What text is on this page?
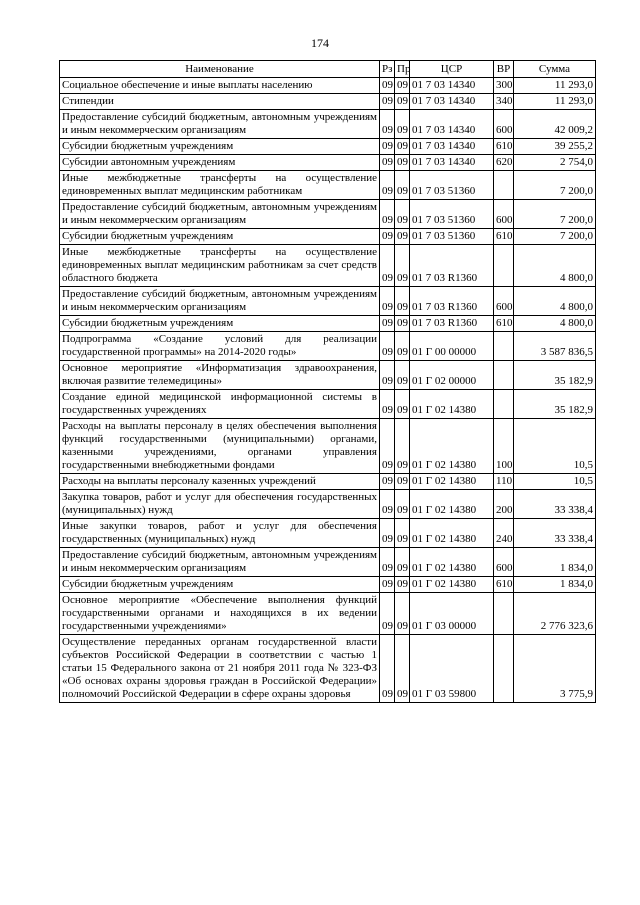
174
Наименование	Рз	Пр	ЦСР	ВР	Сумма
Социальное обеспечение и иные выплаты населению	09	09	01 7 03 14340	300	11 293,0
Стипендии	09	09	01 7 03 14340	340	11 293,0
Предоставление субсидий бюджетным, автономным учреждениям и иным некоммерческим организациям	09	09	01 7 03 14340	600	42 009,2
Субсидии бюджетным учреждениям	09	09	01 7 03 14340	610	39 255,2
Субсидии автономным учреждениям	09	09	01 7 03 14340	620	2 754,0
Иные межбюджетные трансферты на осуществление единовременных выплат медицинским работникам	09	09	01 7 03 51360		7 200,0
Предоставление субсидий бюджетным, автономным учреждениям и иным некоммерческим организациям	09	09	01 7 03 51360	600	7 200,0
Субсидии бюджетным учреждениям	09	09	01 7 03 51360	610	7 200,0
Иные межбюджетные трансферты на осуществление единовременных выплат медицинским работникам за счет средств областного бюджета	09	09	01 7 03 R1360		4 800,0
Предоставление субсидий бюджетным, автономным учреждениям и иным некоммерческим организациям	09	09	01 7 03 R1360	600	4 800,0
Субсидии бюджетным учреждениям	09	09	01 7 03 R1360	610	4 800,0
Подпрограмма «Создание условий для реализации государственной программы» на 2014-2020 годы»	09	09	01 Г 00 00000		3 587 836,5
Основное мероприятие «Информатизация здравоохранения, включая развитие телемедицины»	09	09	01 Г 02 00000		35 182,9
Создание единой медицинской информационной системы в государственных учреждениях	09	09	01 Г 02 14380		35 182,9
Расходы на выплаты персоналу в целях обеспечения выполнения функций государственными (муниципальными) органами, казенными учреждениями, органами управления государственными внебюджетными фондами	09	09	01 Г 02 14380	100	10,5
Расходы на выплаты персоналу казенных учреждений	09	09	01 Г 02 14380	110	10,5
Закупка товаров, работ и услуг для обеспечения государственных (муниципальных) нужд	09	09	01 Г 02 14380	200	33 338,4
Иные закупки товаров, работ и услуг для обеспечения государственных (муниципальных) нужд	09	09	01 Г 02 14380	240	33 338,4
Предоставление субсидий бюджетным, автономным учреждениям и иным некоммерческим организациям	09	09	01 Г 02 14380	600	1 834,0
Субсидии бюджетным учреждениям	09	09	01 Г 02 14380	610	1 834,0
Основное мероприятие «Обеспечение выполнения функций государственными органами и находящихся в их ведении государственными учреждениями»	09	09	01 Г 03 00000		2 776 323,6
Осуществление переданных органам государственной власти субъектов Российской Федерации в соответствии с частью 1 статьи 15 Федерального закона от 21 ноября 2011 года № 323-ФЗ «Об основах охраны здоровья граждан в Российской Федерации» полномочий Российской Федерации в сфере охраны здоровья	09	09	01 Г 03 59800		3 775,9
